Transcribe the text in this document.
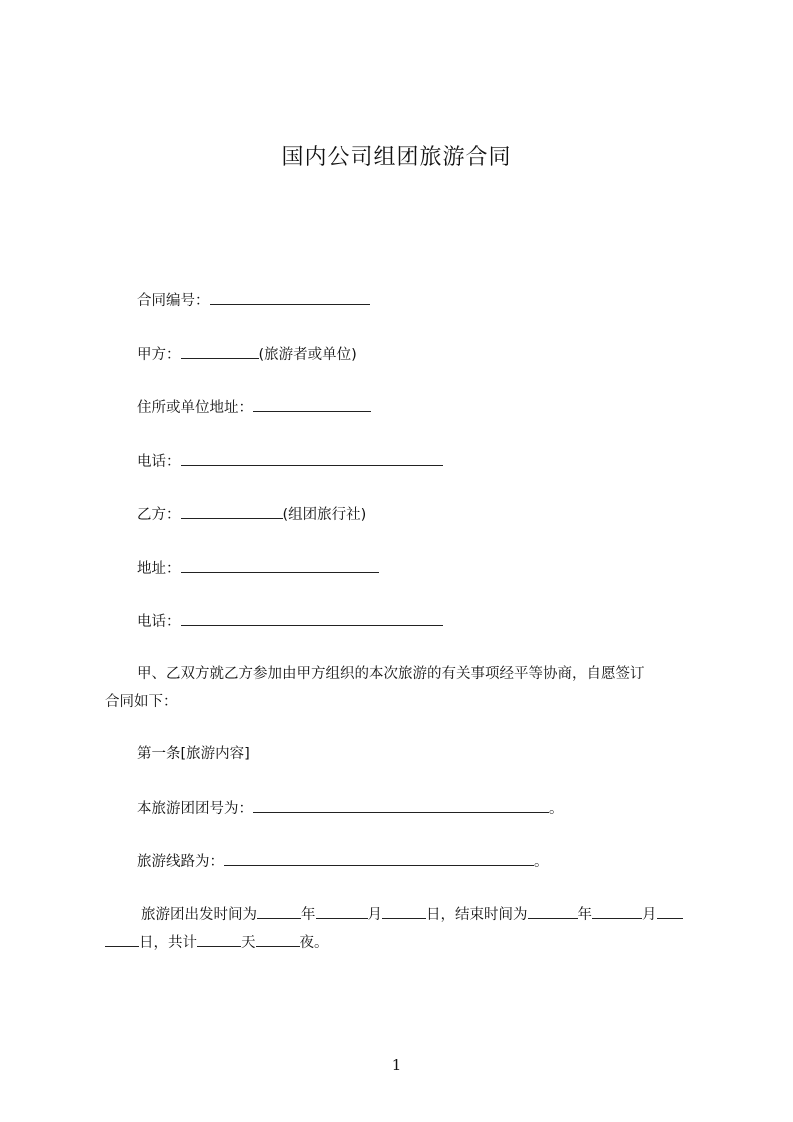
国内公司组团旅游合同
合同编号：
甲方：	(旅游者或单位)
住所或单位地址：
电话：
乙方：	(组团旅行社)
地址：
电话：
甲、乙双方就乙方参加由甲方组织的本次旅游的有关事项经平等协商，自愿签订
合同如下：
第一条[旅游内容]
本旅游团团号为：	。
旅游线路为：	。
旅游团出发时间为	年	月	日，结束时间为	年	月
日，共计	天	夜。
1
